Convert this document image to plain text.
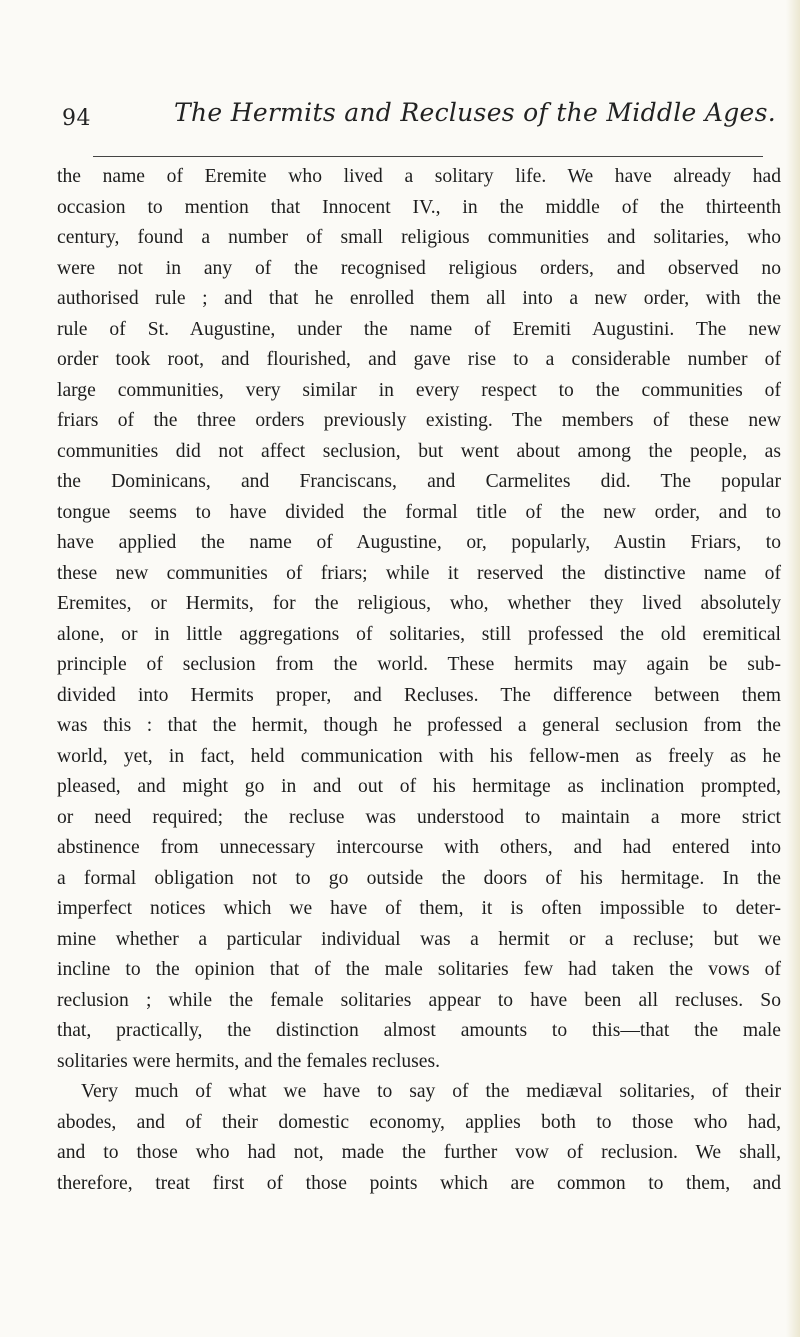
94	The Hermits and Recluses of the Middle Ages.
the name of Eremite who lived a solitary life. We have already had
occasion to mention that Innocent IV., in the middle of the thirteenth
century, found a number of small religious communities and solitaries, who
were not in any of the recognised religious orders, and observed no
authorised rule ; and that he enrolled them all into a new order, with the
rule of St. Augustine, under the name of Eremiti Augustini. The new
order took root, and flourished, and gave rise to a considerable number of
large communities, very similar in every respect to the communities of
friars of the three orders previously existing. The members of these new
communities did not affect seclusion, but went about among the people, as
the Dominicans, and Franciscans, and Carmelites did. The popular
tongue seems to have divided the formal title of the new order, and to
have applied the name of Augustine, or, popularly, Austin Friars, to
these new communities of friars; while it reserved the distinctive name of
Eremites, or Hermits, for the religious, who, whether they lived absolutely
alone, or in little aggregations of solitaries, still professed the old eremitical
principle of seclusion from the world. These hermits may again be sub-
divided into Hermits proper, and Recluses. The difference between them
was this : that the hermit, though he professed a general seclusion from the
world, yet, in fact, held communication with his fellow-men as freely as he
pleased, and might go in and out of his hermitage as inclination prompted,
or need required; the recluse was understood to maintain a more strict
abstinence from unnecessary intercourse with others, and had entered into
a formal obligation not to go outside the doors of his hermitage. In the
imperfect notices which we have of them, it is often impossible to deter-
mine whether a particular individual was a hermit or a recluse; but we
incline to the opinion that of the male solitaries few had taken the vows of
reclusion ; while the female solitaries appear to have been all recluses. So
that, practically, the distinction almost amounts to this—that the male
solitaries were hermits, and the females recluses.
Very much of what we have to say of the mediæval solitaries, of their
abodes, and of their domestic economy, applies both to those who had,
and to those who had not, made the further vow of reclusion. We shall,
therefore, treat first of those points which are common to them, and
